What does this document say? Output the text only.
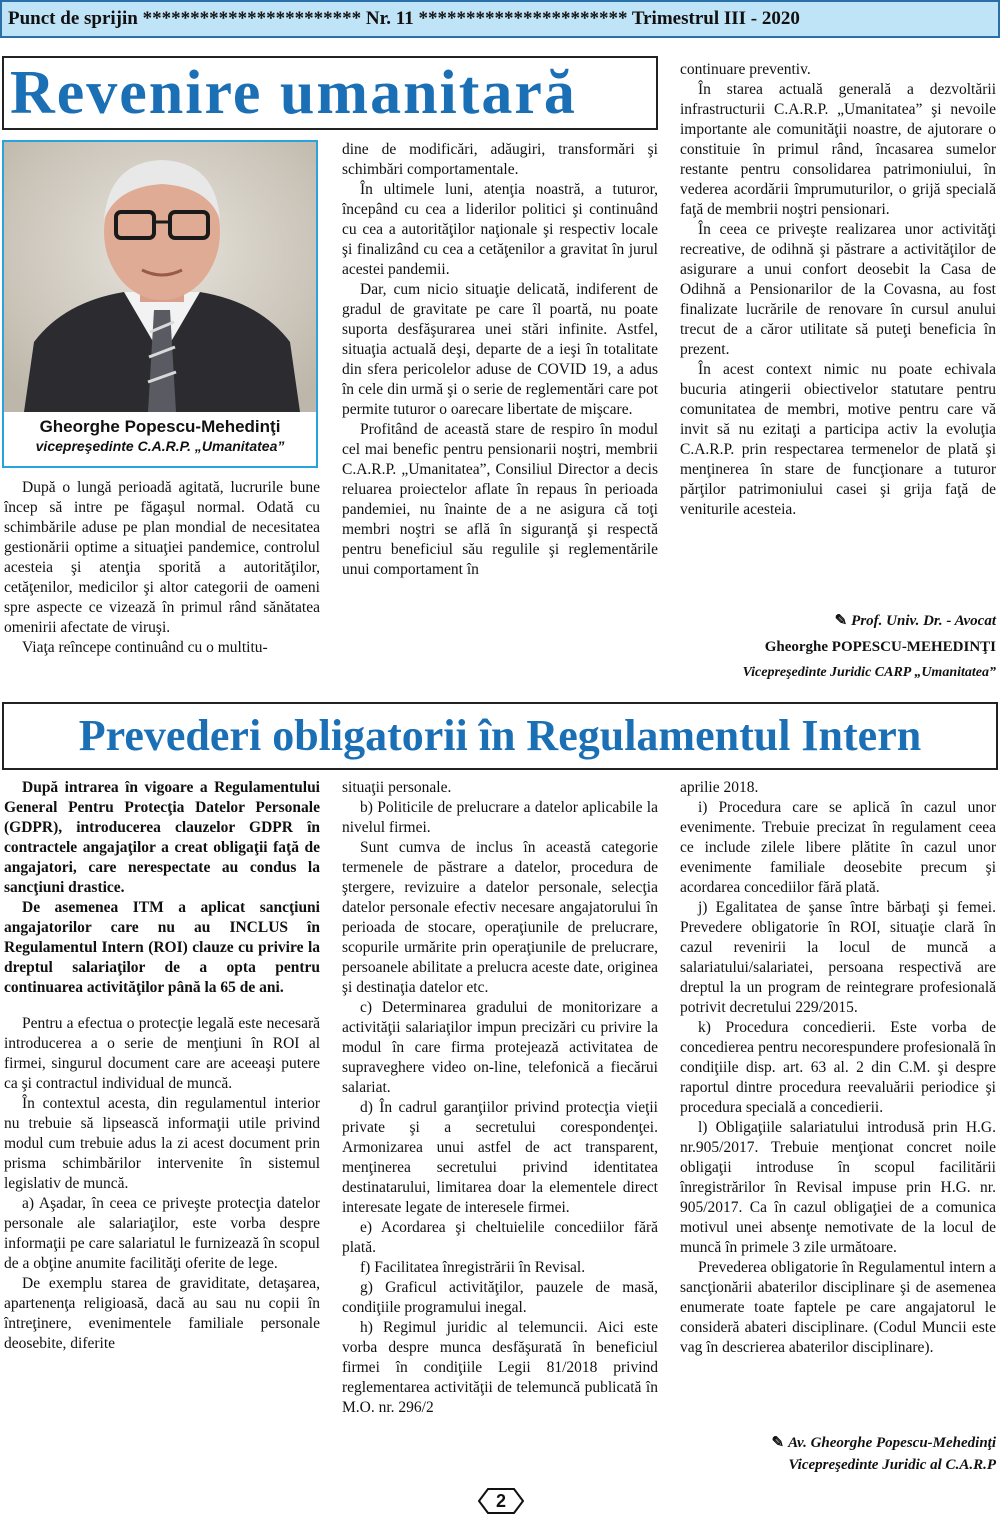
Punct de sprijin *********************** Nr. 11 ********************** Trimestrul III - 2020
Revenire umanitară
Gheorghe Popescu-Mehedinţi
vicepreşedinte C.A.R.P. „Umanitatea”

După o lungă perioadă agitată, lucrurile bune încep să intre pe făgaşul normal. Odată cu schimbările aduse pe plan mondial de necesitatea gestionării optime a situaţiei pandemice, controlul acesteia şi atenţia sporită a autorităţilor, cetăţenilor, medicilor şi altor categorii de oameni spre aspecte ce vizează în primul rând sănătatea omenirii afectate de viruşi.

Viaţa reîncepe continuând cu o multitu-

dine de modificări, adăugiri, transformări şi schimbări comportamentale.

În ultimele luni, atenţia noastră, a tuturor, începând cu cea a liderilor politici şi continuând cu cea a autorităţilor naţionale şi respectiv locale şi finalizând cu cea a cetăţenilor a gravitat în jurul acestei pandemii.

Dar, cum nicio situaţie delicată, indiferent de gradul de gravitate pe care îl poartă, nu poate suporta desfăşurarea unei stări infinite. Astfel, situaţia actuală deşi, departe de a ieşi în totalitate din sfera pericolelor aduse de COVID 19, a adus în cele din urmă şi o serie de reglementări care pot permite tuturor o oarecare libertate de mişcare.

Profitând de această stare de respiro în modul cel mai benefic pentru pensionarii noştri, membrii C.A.R.P. „Umanitatea”, Consiliul Director a decis reluarea proiectelor aflate în repaus în perioada pandemiei, nu înainte de a ne asigura că toţi membri noştri se află în siguranţă şi respectă pentru beneficiul său regulile şi reglementările unui comportament în

continuare preventiv.

În starea actuală generală a dezvoltării infrastructurii C.A.R.P. „Umanitatea” şi nevoile importante ale comunităţii noastre, de ajutorare o constituie în primul rând, încasarea sumelor restante pentru consolidarea patrimoniului, în vederea acordării împrumuturilor, o grijă specială faţă de membrii noştri pensionari.

În ceea ce priveşte realizarea unor activităţi recreative, de odihnă şi păstrare a activităţilor de asigurare a unui confort deosebit la Casa de Odihnă a Pensionarilor de la Covasna, au fost finalizate lucrările de renovare în cursul anului trecut de a căror utilitate să puteţi beneficia în prezent.

În acest context nimic nu poate echivala bucuria atingerii obiectivelor statutare pentru comunitatea de membri, motive pentru care vă invit să nu ezitaţi a participa activ la evoluţia C.A.R.P. prin respectarea termenelor de plată şi menţinerea în stare de funcţionare a tuturor părţilor patrimoniului casei şi grija faţă de veniturile acesteia.

✎ Prof. Univ. Dr. - Avocat
Gheorghe POPESCU-MEHEDINŢI
Vicepreşedinte Juridic CARP „Umanitatea”
Prevederi obligatorii în Regulamentul Intern

După intrarea în vigoare a Regulamentului General Pentru Protecţia Datelor Personale (GDPR), introducerea clauzelor GDPR în contractele angajaţilor a creat obligaţii faţă de angajatori, care nerespectate au condus la sancţiuni drastice.

De asemenea ITM a aplicat sancţiuni angajatorilor care nu au INCLUS în Regulamentul Intern (ROI) clauze cu privire la dreptul salariaţilor de a opta pentru continuarea activităţilor până la 65 de ani.

Pentru a efectua o protecţie legală este necesară introducerea a o serie de menţiuni în ROI al firmei, singurul document care are aceeaşi putere ca şi contractul individual de muncă.

În contextul acesta, din regulamentul interior nu trebuie să lipsească informaţii utile privind modul cum trebuie adus la zi acest document prin prisma schimbărilor intervenite în sistemul legislativ de muncă.

a) Aşadar, în ceea ce priveşte protecţia datelor personale ale salariaţilor, este vorba despre informaţii pe care salariatul le furnizează în scopul de a obţine anumite facilităţi oferite de lege.

De exemplu starea de graviditate, detaşarea, apartenenţa religioasă, dacă au sau nu copii în întreţinere, evenimentele familiale personale deosebite, diferite

situaţii personale.

b) Politicile de prelucrare a datelor aplicabile la nivelul firmei.

Sunt cumva de inclus în această categorie termenele de păstrare a datelor, procedura de ştergere, revizuire a datelor personale, selecţia datelor personale efectiv necesare angajatorului în perioada de stocare, operaţiunile de prelucrare, scopurile urmărite prin operaţiunile de prelucrare, persoanele abilitate a prelucra aceste date, originea şi destinaţia datelor etc.

c) Determinarea gradului de monitorizare a activităţii salariaţilor impun precizări cu privire la modul în care firma protejează activitatea de supraveghere video on-line, telefonică a fiecărui salariat.

d) În cadrul garanţiilor privind protecţia vieţii private şi a secretului corespondenţei. Armonizarea unui astfel de act transparent, menţinerea secretului privind identitatea destinatarului, limitarea doar la elementele direct interesate legate de interesele firmei.

e) Acordarea şi cheltuielile concediilor fără plată.

f) Facilitatea înregistrării în Revisal.

g) Graficul activităţilor, pauzele de masă, condiţiile programului inegal.

h) Regimul juridic al telemuncii. Aici este vorba despre munca desfăşurată în beneficiul firmei în condiţiile Legii 81/2018 privind reglementarea activităţii de telemuncă publicată în M.O. nr. 296/2

aprilie 2018.

i) Procedura care se aplică în cazul unor evenimente. Trebuie precizat în regulament ceea ce include zilele libere plătite în cazul unor evenimente familiale deosebite precum şi acordarea concediilor fără plată.

j) Egalitatea de şanse între bărbaţi şi femei. Prevedere obligatorie în ROI, situaţie clară în cazul revenirii la locul de muncă a salariatului/salariatei, persoana respectivă are dreptul la un program de reintegrare profesională potrivit decretului 229/2015.

k) Procedura concedierii. Este vorba de concedierea pentru necorespundere profesională în condiţiile disp. art. 63 al. 2 din C.M. şi despre raportul dintre procedura reevaluării periodice şi procedura specială a concedierii.

l) Obligaţiile salariatului introdusă prin H.G. nr.905/2017. Trebuie menţionat concret noile obligaţii introduse în scopul facilitării înregistrărilor în Revisal impuse prin H.G. nr. 905/2017. Ca în cazul obligaţiei de a comunica motivul unei absenţe nemotivate de la locul de muncă în primele 3 zile următoare.

Prevederea obligatorie în Regulamentul intern a sancţionării abaterilor disciplinare şi de asemenea enumerate toate faptele pe care angajatorul le consideră abateri disciplinare. (Codul Muncii este vag în descrierea abaterilor disciplinare).

✎ Av. Gheorghe Popescu-Mehedinţi
Vicepreşedinte Juridic al C.A.R.P
2
